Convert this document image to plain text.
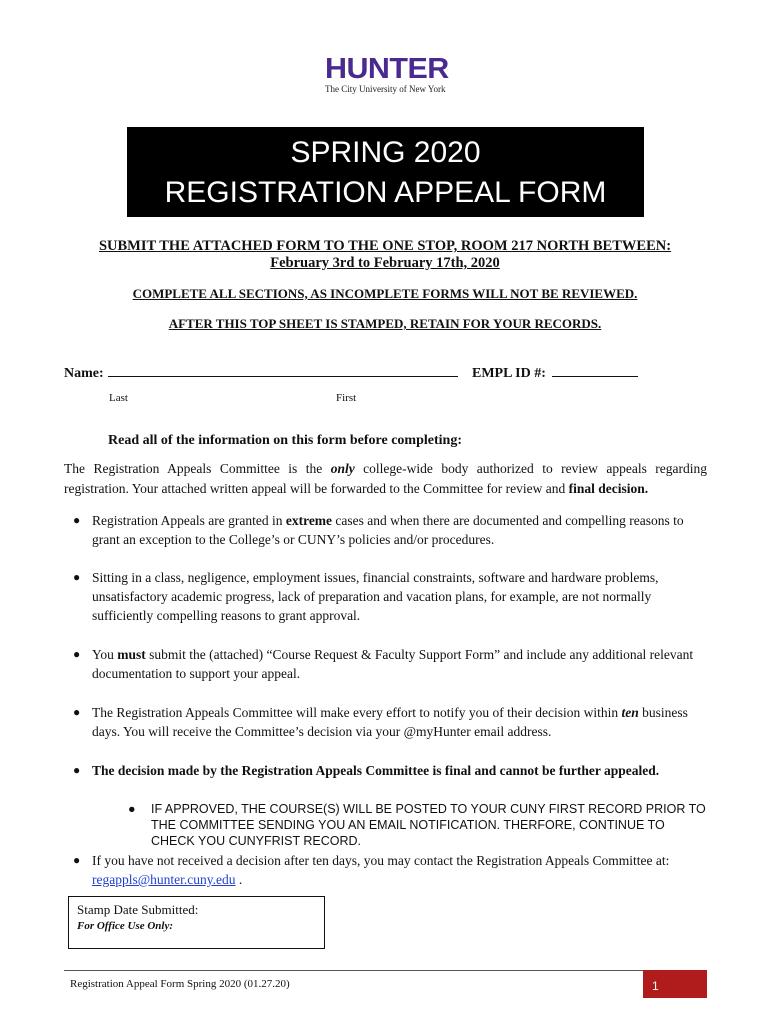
HUNTER
The City University of New York
SPRING 2020
REGISTRATION APPEAL FORM
SUBMIT THE ATTACHED FORM TO THE ONE STOP, ROOM 217 NORTH BETWEEN:
February 3rd to February 17th, 2020
COMPLETE ALL SECTIONS, AS INCOMPLETE FORMS WILL NOT BE REVIEWED.
AFTER THIS TOP SHEET IS STAMPED, RETAIN FOR YOUR RECORDS.
Name:	EMPL ID #:
Last	First
Read all of the information on this form before completing:
The Registration Appeals Committee is the only college-wide body authorized to review appeals regarding registration. Your attached written appeal will be forwarded to the Committee for review and final decision.
● Registration Appeals are granted in extreme cases and when there are documented and compelling reasons to grant an exception to the College’s or CUNY’s policies and/or procedures.
● Sitting in a class, negligence, employment issues, financial constraints, software and hardware problems, unsatisfactory academic progress, lack of preparation and vacation plans, for example, are not normally sufficiently compelling reasons to grant approval.
● You must submit the (attached) “Course Request & Faculty Support Form” and include any additional relevant documentation to support your appeal.
● The Registration Appeals Committee will make every effort to notify you of their decision within ten business days. You will receive the Committee’s decision via your @myHunter email address.
● The decision made by the Registration Appeals Committee is final and cannot be further appealed.
● IF APPROVED, THE COURSE(S) WILL BE POSTED TO YOUR CUNY FIRST RECORD PRIOR TO THE COMMITTEE SENDING YOU AN EMAIL NOTIFICATION. THERFORE, CONTINUE TO CHECK YOU CUNYFRIST RECORD.
● If you have not received a decision after ten days, you may contact the Registration Appeals Committee at: regappls@hunter.cuny.edu .
Stamp Date Submitted:
For Office Use Only:
Registration Appeal Form Spring 2020 (01.27.20)	1
